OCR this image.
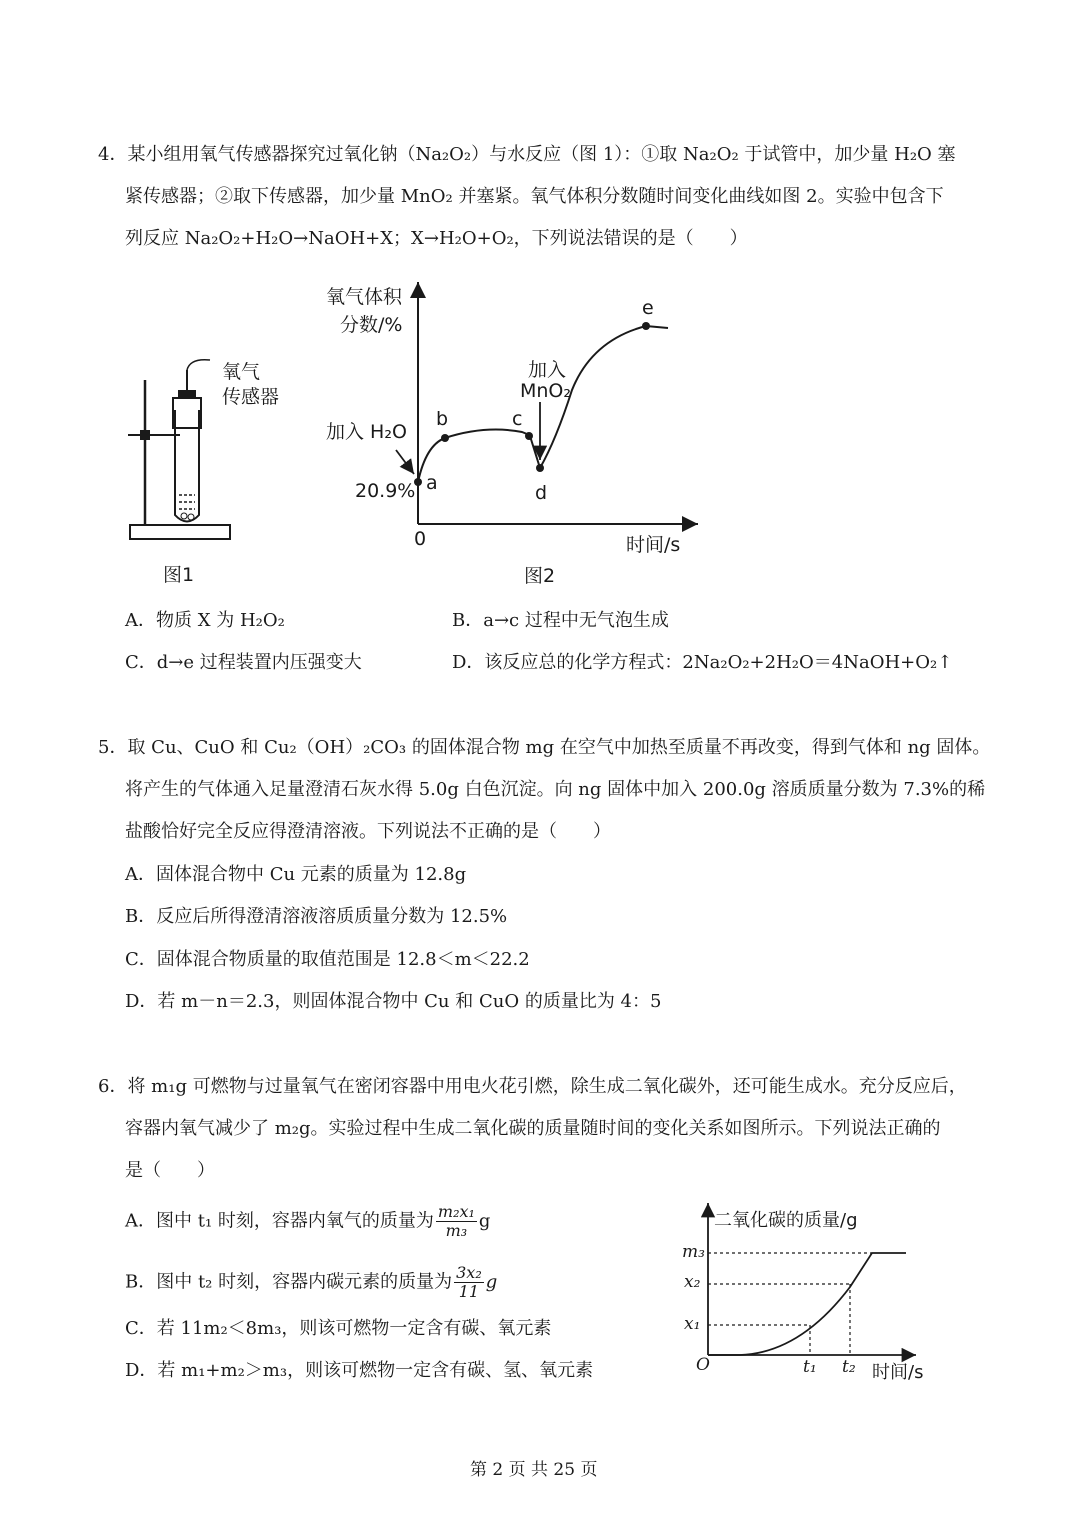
4．某小组用氧气传感器探究过氧化钠（Na₂O₂）与水反应（图 1）：①取 Na₂O₂ 于试管中，加少量 H₂O 塞
紧传感器；②取下传感器，加少量 MnO₂ 并塞紧。氧气体积分数随时间变化曲线如图 2。实验中包含下
列反应 Na₂O₂+H₂O→NaOH+X；X→H₂O+O₂，下列说法错误的是（　　）
氧气
传感器
图1
氧气体积
分数/%
加入 H₂O
加入
MnO₂
20.9%
0	时间/s
a
b	c
d
e
图2
A．物质 X 为 H₂O₂	B．a→c 过程中无气泡生成
C．d→e 过程装置内压强变大	D．该反应总的化学方程式：2Na₂O₂+2H₂O＝4NaOH+O₂↑
5．取 Cu、CuO 和 Cu₂（OH）₂CO₃ 的固体混合物 mg 在空气中加热至质量不再改变，得到气体和 ng 固体。
将产生的气体通入足量澄清石灰水得 5.0g 白色沉淀。向 ng 固体中加入 200.0g 溶质质量分数为 7.3%的稀
盐酸恰好完全反应得澄清溶液。下列说法不正确的是（　　）
A．固体混合物中 Cu 元素的质量为 12.8g
B．反应后所得澄清溶液溶质质量分数为 12.5%
C．固体混合物质量的取值范围是 12.8＜m＜22.2
D．若 m－n＝2.3，则固体混合物中 Cu 和 CuO 的质量比为 4：5
6．将 m₁g 可燃物与过量氧气在密闭容器中用电火花引燃，除生成二氧化碳外，还可能生成水。充分反应后，
容器内氧气减少了 m₂g。实验过程中生成二氧化碳的质量随时间的变化关系如图所示。下列说法正确的
是（　　）
A．图中 t₁ 时刻，容器内氧气的质量为 $\frac{\text{m₂x₁}}{\text{m₃}}$ g
B．图中 t₂ 时刻，容器内碳元素的质量为 $\frac{\text{3x₂}}{11}$ g
C．若 11m₂＜8m₃，则该可燃物一定含有碳、氧元素
D．若 m₁+m₂＞m₃，则该可燃物一定含有碳、氢、氧元素
二氧化碳的质量/g
m₃
x₂
x₁
O	t₁ t₂ 时间/s
第 2 页 共 25 页
